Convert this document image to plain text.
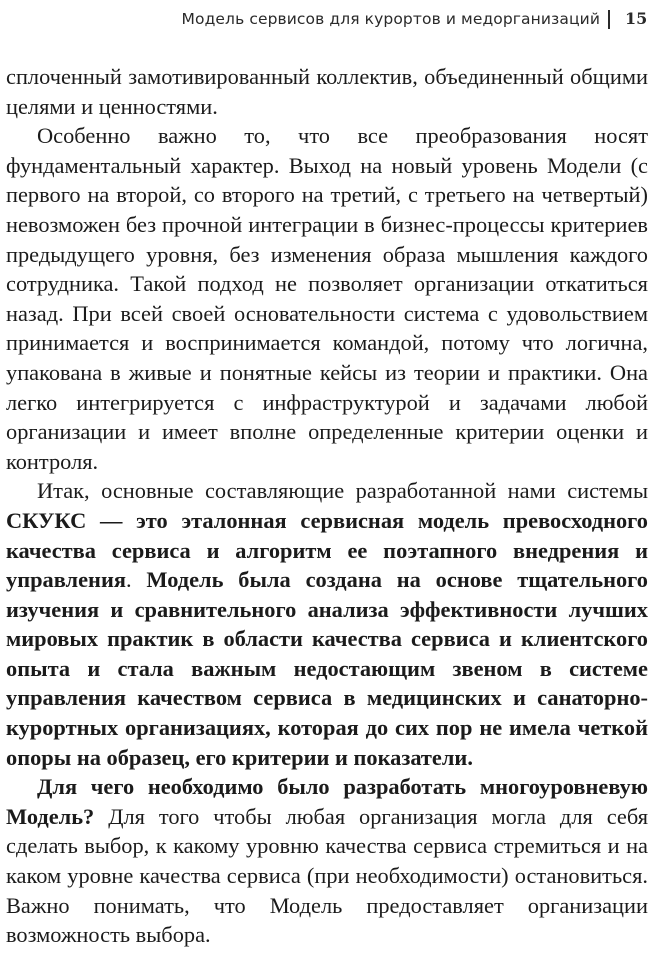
Модель сервисов для курортов и медорганизаций 15

сплоченный замотивированный коллектив, объединенный общими целями и ценностями.

Особенно важно то, что все преобразования носят фундаментальный характер. Выход на новый уровень Модели (с первого на второй, со второго на третий, с третьего на четвертый) невозможен без прочной интеграции в бизнес-процессы критериев предыдущего уровня, без изменения образа мышления каждого сотрудника. Такой подход не позволяет организации откатиться назад. При всей своей основательности система с удовольствием принимается и воспринимается командой, потому что логична, упакована в живые и понятные кейсы из теории и практики. Она легко интегрируется с инфраструктурой и задачами любой организации и имеет вполне определенные критерии оценки и контроля.

Итак, основные составляющие разработанной нами системы СКУКС — это эталонная сервисная модель превосходного качества сервиса и алгоритм ее поэтапного внедрения и управления. Модель была создана на основе тщательного изучения и сравнительного анализа эффективности лучших мировых практик в области качества сервиса и клиентского опыта и стала важным недостающим звеном в системе управления качеством сервиса в медицинских и санаторно-курортных организациях, которая до сих пор не имела четкой опоры на образец, его критерии и показатели.

Для чего необходимо было разработать многоуровневую Модель? Для того чтобы любая организация могла для себя сделать выбор, к какому уровню качества сервиса стремиться и на каком уровне качества сервиса (при необходимости) остановиться. Важно понимать, что Модель предоставляет организации возможность выбора.
